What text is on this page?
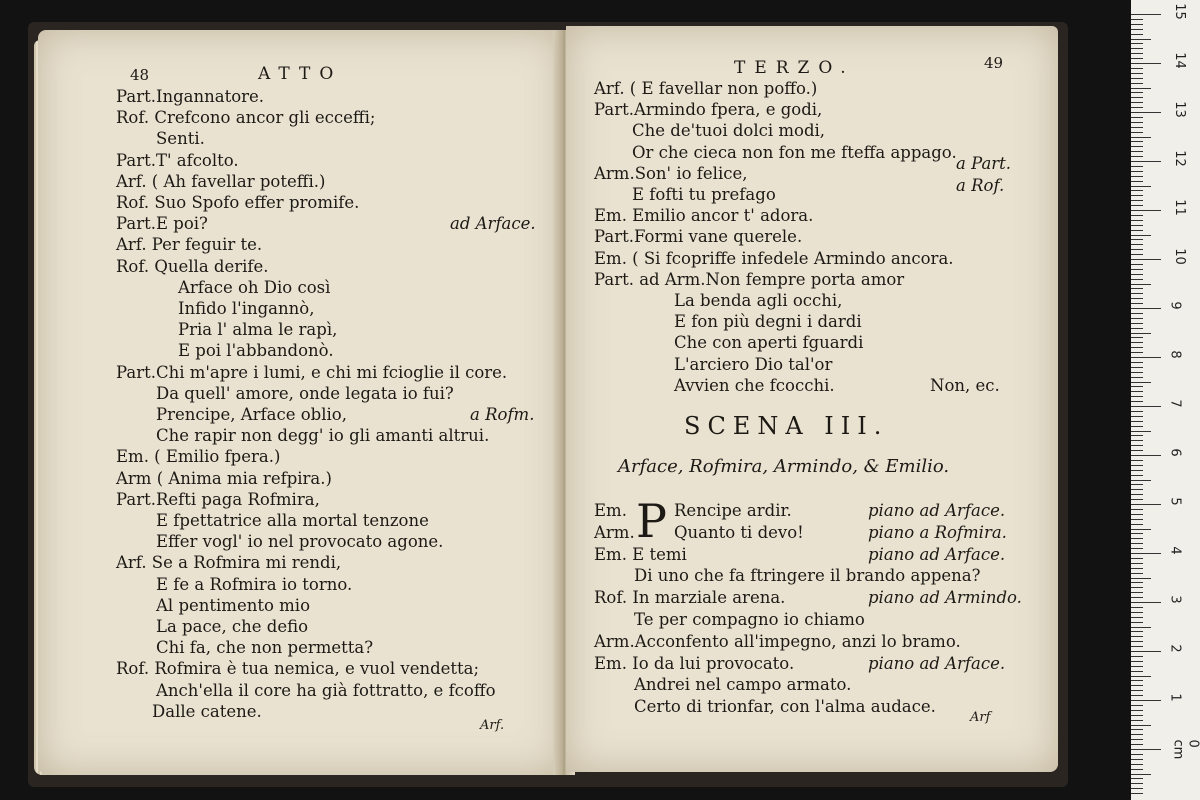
48	ATTO
Part.Ingannatore.
Rof. Crefcono ancor gli ecceffi;
Senti.
Part.T' afcolto.
Arf. ( Ah favellar poteffi.)
Rof. Suo Spofo effer promife.
Part.E poi?
Arf. Per feguir te.
Rof. Quella derife.
Arface oh Dio così
Infido l'ingannò,
Pria l' alma le rapì,
E poi l'abbandonò.
Part.Chi m'apre i lumi, e chi mi fcioglie il core.
Da quell' amore, onde legata io fui?
Prencipe, Arface oblio,
Che rapir non degg' io gli amanti altrui.
Em. ( Emilio fpera.)
Arm ( Anima mia refpira.)
Part.Refti paga Rofmira,
E fpettatrice alla mortal tenzone
Effer vogl' io nel provocato agone.
Arf. Se a Rofmira mi rendi,
E fe a Rofmira io torno.
Al pentimento mio
La pace, che defio
Chi fa, che non permetta?
Rof. Rofmira è tua nemica, e vuol vendetta;
Anch'ella il core ha già fottratto, e fcoffo
Dalle catene.
ad Arface.
a Rofm.
Arf.
TERZO.	49
Arf. ( E favellar non poffo.)
Part.Armindo fpera, e godi,
Che de'tuoi dolci modi,
Or che cieca non fon me fteffa appago.
Arm.Son' io felice,
E fofti tu prefago
Em. Emilio ancor t' adora.
Part.Formi vane querele.
Em. ( Si fcopriffe infedele Armindo ancora.
Part. ad Arm.Non fempre porta amor
La benda agli occhi,
E fon più degni i dardi
Che con aperti fguardi
L'arciero Dio tal'or
Avvien che fcocchi.
a Part.
a Rof.
Non, ec.
SCENA III.
Arface, Rofmira, Armindo, & Emilio.
P
Em.	Rencipe ardir.	piano ad Arface.
Arm. Quanto ti devo!	piano a Rofmira.
Em. E temi	piano ad Arface.
Di uno che fa ftringere il brando appena?
Rof. In marziale arena.	piano ad Armindo.
Te per compagno io chiamo
Arm.Acconfento all'impegno, anzi lo bramo.
Em. Io da lui provocato.	piano ad Arface.
Andrei nel campo armato.
Certo di trionfar, con l'alma audace.
Arf
15
14
13
12
11
10
9
8
7
6
5
4
3
2
1
0 cm
